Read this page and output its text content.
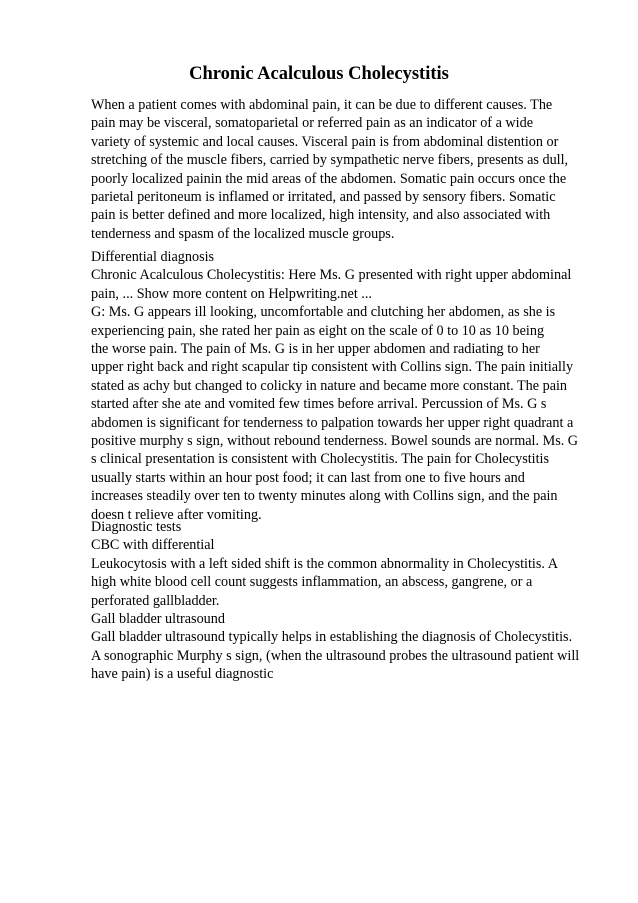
Chronic Acalculous Cholecystitis
When a patient comes with abdominal pain, it can be due to different causes. The
pain may be visceral, somatoparietal or referred pain as an indicator of a wide
variety of systemic and local causes. Visceral pain is from abdominal distention or
stretching of the muscle fibers, carried by sympathetic nerve fibers, presents as dull,
poorly localized painin the mid areas of the abdomen. Somatic pain occurs once the
parietal peritoneum is inflamed or irritated, and passed by sensory fibers. Somatic
pain is better defined and more localized, high intensity, and also associated with
tenderness and spasm of the localized muscle groups.
Differential diagnosis
Chronic Acalculous Cholecystitis: Here Ms. G presented with right upper abdominal
pain, ... Show more content on Helpwriting.net ...
G: Ms. G appears ill looking, uncomfortable and clutching her abdomen, as she is
experiencing pain, she rated her pain as eight on the scale of 0 to 10 as 10 being
the worse pain. The pain of Ms. G is in her upper abdomen and radiating to her
upper right back and right scapular tip consistent with Collins sign. The pain initially
stated as achy but changed to colicky in nature and became more constant. The pain
started after she ate and vomited few times before arrival. Percussion of Ms. G s
abdomen is significant for tenderness to palpation towards her upper right quadrant a
positive murphy s sign, without rebound tenderness. Bowel sounds are normal. Ms. G
s clinical presentation is consistent with Cholecystitis. The pain for Cholecystitis
usually starts within an hour post food; it can last from one to five hours and
increases steadily over ten to twenty minutes along with Collins sign, and the pain
doesn t relieve after vomiting.
Diagnostic tests
CBC with differential
Leukocytosis with a left sided shift is the common abnormality in Cholecystitis. A
high white blood cell count suggests inflammation, an abscess, gangrene, or a
perforated gallbladder.
Gall bladder ultrasound
Gall bladder ultrasound typically helps in establishing the diagnosis of Cholecystitis.
A sonographic Murphy s sign, (when the ultrasound probes the ultrasound patient will
have pain) is a useful diagnostic
